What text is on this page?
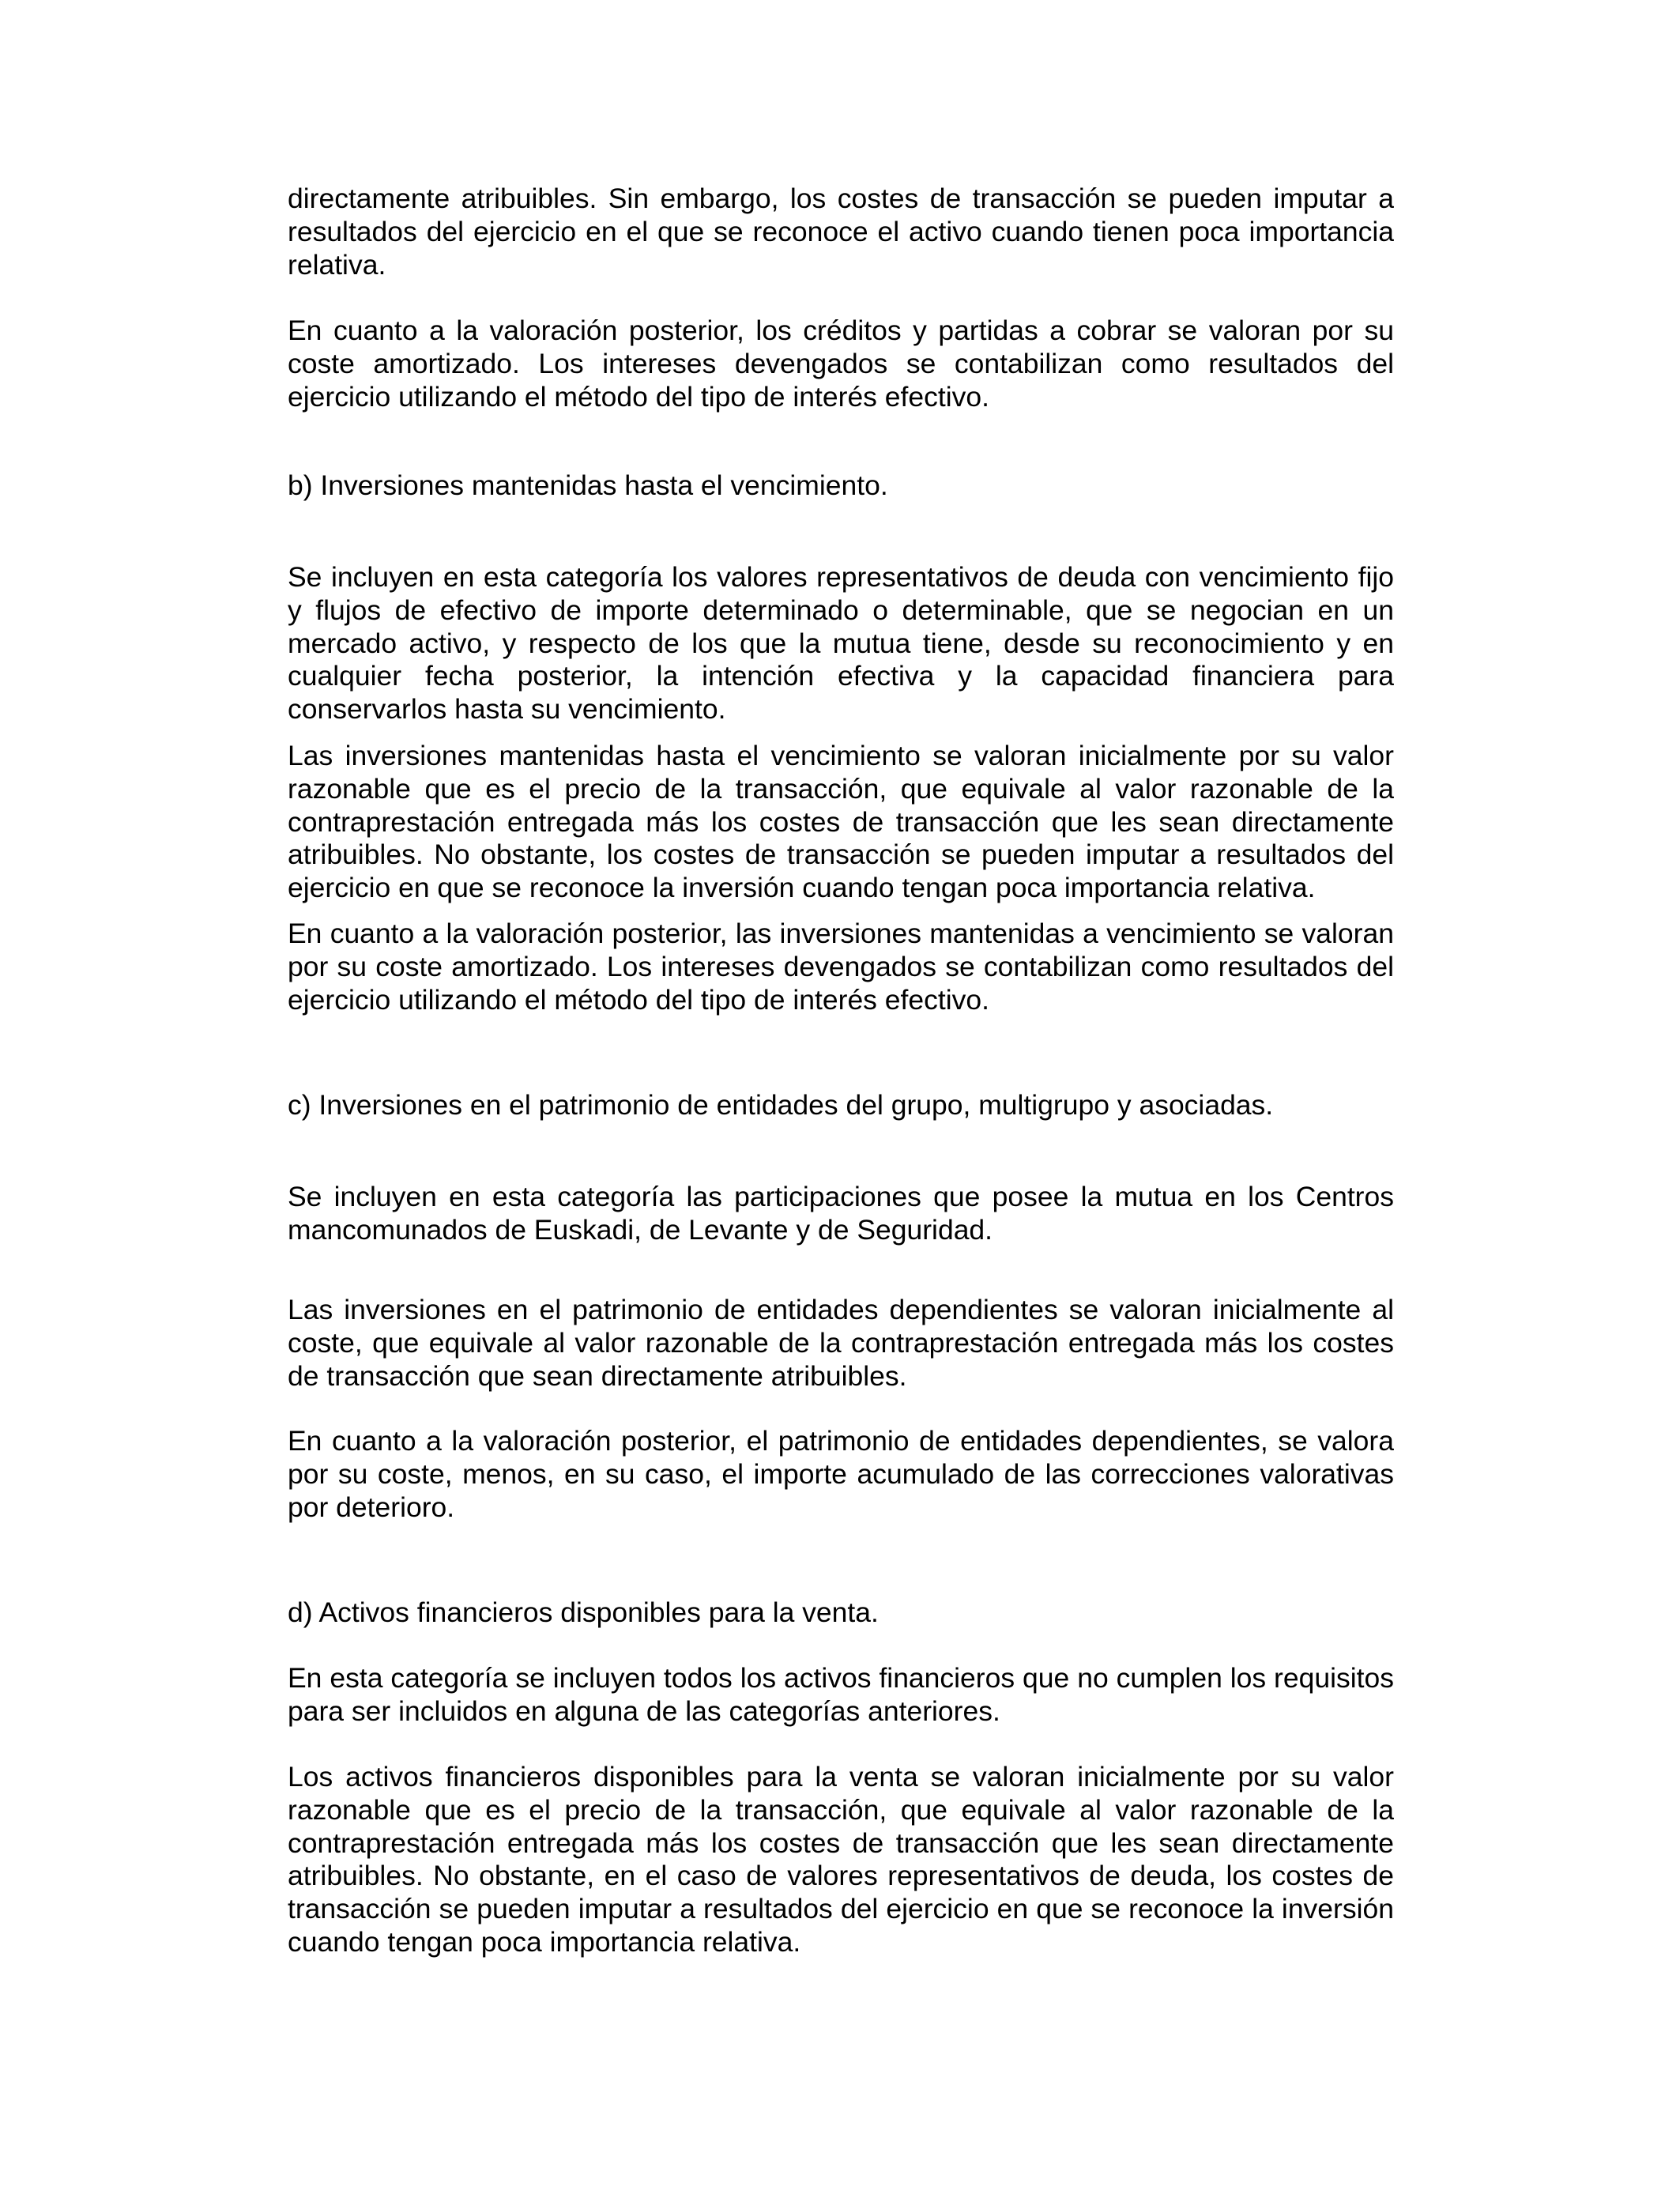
directamente atribuibles. Sin embargo, los costes de transacción se pueden imputar a resultados del ejercicio en el que se reconoce el activo cuando tienen poca importancia relativa.

En cuanto a la valoración posterior, los créditos y partidas a cobrar se valoran por su coste amortizado. Los intereses devengados se contabilizan como resultados del ejercicio utilizando el método del tipo de interés efectivo.

b) Inversiones mantenidas hasta el vencimiento.

Se incluyen en esta categoría los valores representativos de deuda con vencimiento fijo y flujos de efectivo de importe determinado o determinable, que se negocian en un mercado activo, y respecto de los que la mutua tiene, desde su reconocimiento y en cualquier fecha posterior, la intención efectiva y la capacidad financiera para conservarlos hasta su vencimiento.

Las inversiones mantenidas hasta el vencimiento se valoran inicialmente por su valor razonable que es el precio de la transacción, que equivale al valor razonable de la contraprestación entregada más los costes de transacción que les sean directamente atribuibles. No obstante, los costes de transacción se pueden imputar a resultados del ejercicio en que se reconoce la inversión cuando tengan poca importancia relativa.

En cuanto a la valoración posterior, las inversiones mantenidas a vencimiento se valoran por su coste amortizado. Los intereses devengados se contabilizan como resultados del ejercicio utilizando el método del tipo de interés efectivo.

c) Inversiones en el patrimonio de entidades del grupo, multigrupo y asociadas.

Se incluyen en esta categoría las participaciones que posee la mutua en los Centros mancomunados de Euskadi, de Levante y de Seguridad.

Las inversiones en el patrimonio de entidades dependientes se valoran inicialmente al coste, que equivale al valor razonable de la contraprestación entregada más los costes de transacción que sean directamente atribuibles.

En cuanto a la valoración posterior, el patrimonio de entidades dependientes, se valora por su coste, menos, en su caso, el importe acumulado de las correcciones valorativas por deterioro.

d) Activos financieros disponibles para la venta.

En esta categoría se incluyen todos los activos financieros que no cumplen los requisitos para ser incluidos en alguna de las categorías anteriores.

Los activos financieros disponibles para la venta se valoran inicialmente por su valor razonable que es el precio de la transacción, que equivale al valor razonable de la contraprestación entregada más los costes de transacción que les sean directamente atribuibles. No obstante, en el caso de valores representativos de deuda, los costes de transacción se pueden imputar a resultados del ejercicio en que se reconoce la inversión cuando tengan poca importancia relativa.
